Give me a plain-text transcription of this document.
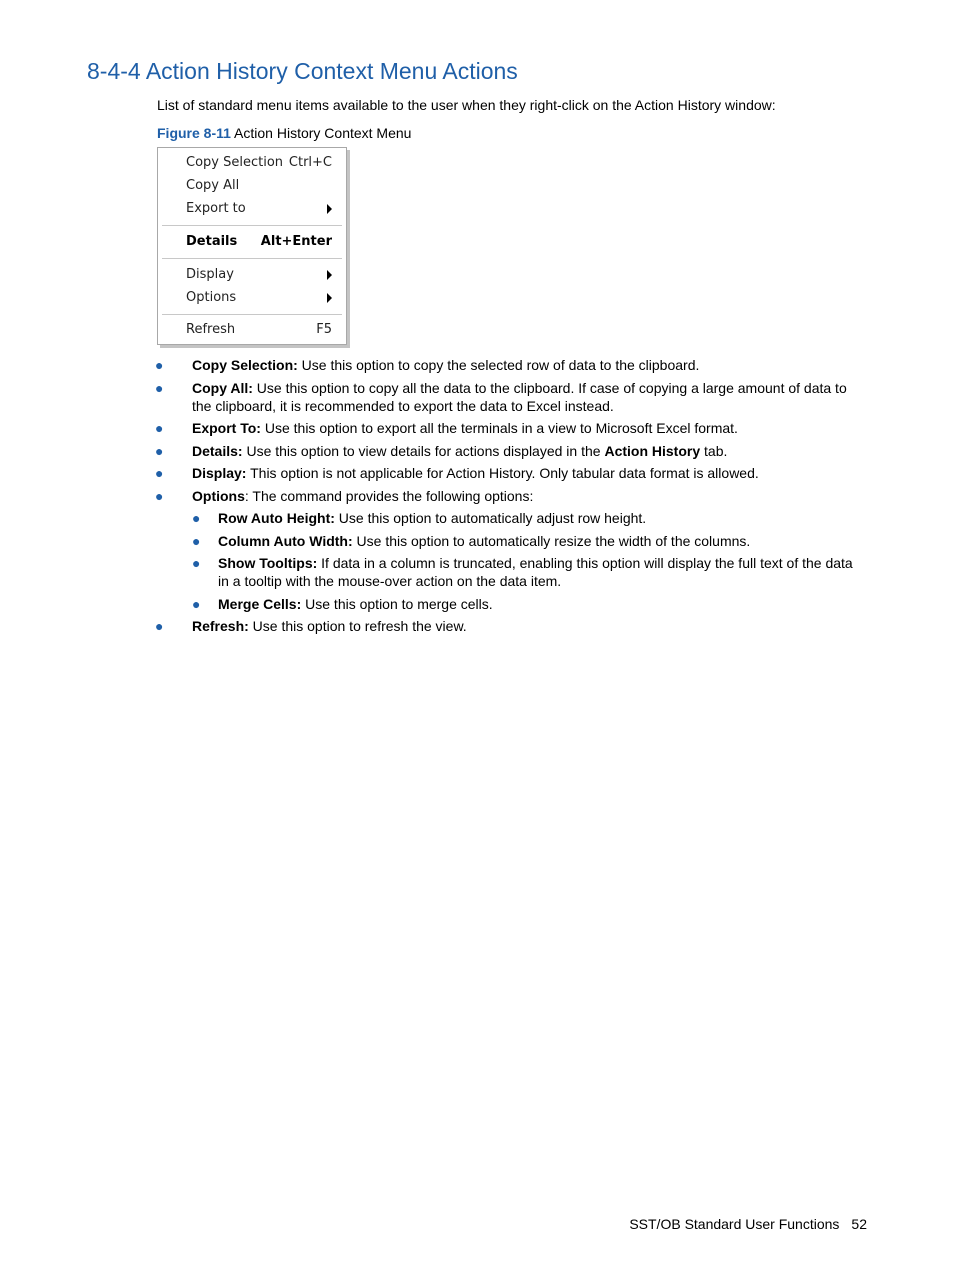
8-4-4 Action History Context Menu Actions

List of standard menu items available to the user when they right-click on the Action History window:

Figure 8-11 Action History Context Menu

Copy Selection Ctrl+C
Copy All
Export to
Details Alt+Enter
Display
Options
Refresh	F5
● Copy Selection: Use this option to copy the selected row of data to the clipboard.
● Copy All: Use this option to copy all the data to the clipboard. If case of copying a large amount of data to the clipboard, it is recommended to export the data to Excel instead.
● Export To: Use this option to export all the terminals in a view to Microsoft Excel format.
● Details: Use this option to view details for actions displayed in the Action History tab.
● Display: This option is not applicable for Action History. Only tabular data format is allowed.
● Options: The command provides the following options:
● Row Auto Height: Use this option to automatically adjust row height.
● Column Auto Width: Use this option to automatically resize the width of the columns.
● Show Tooltips: If data in a column is truncated, enabling this option will display the full text of the data in a tooltip with the mouse-over action on the data item.
● Merge Cells: Use this option to merge cells.
● Refresh: Use this option to refresh the view.
SST/OB Standard User Functions 52
